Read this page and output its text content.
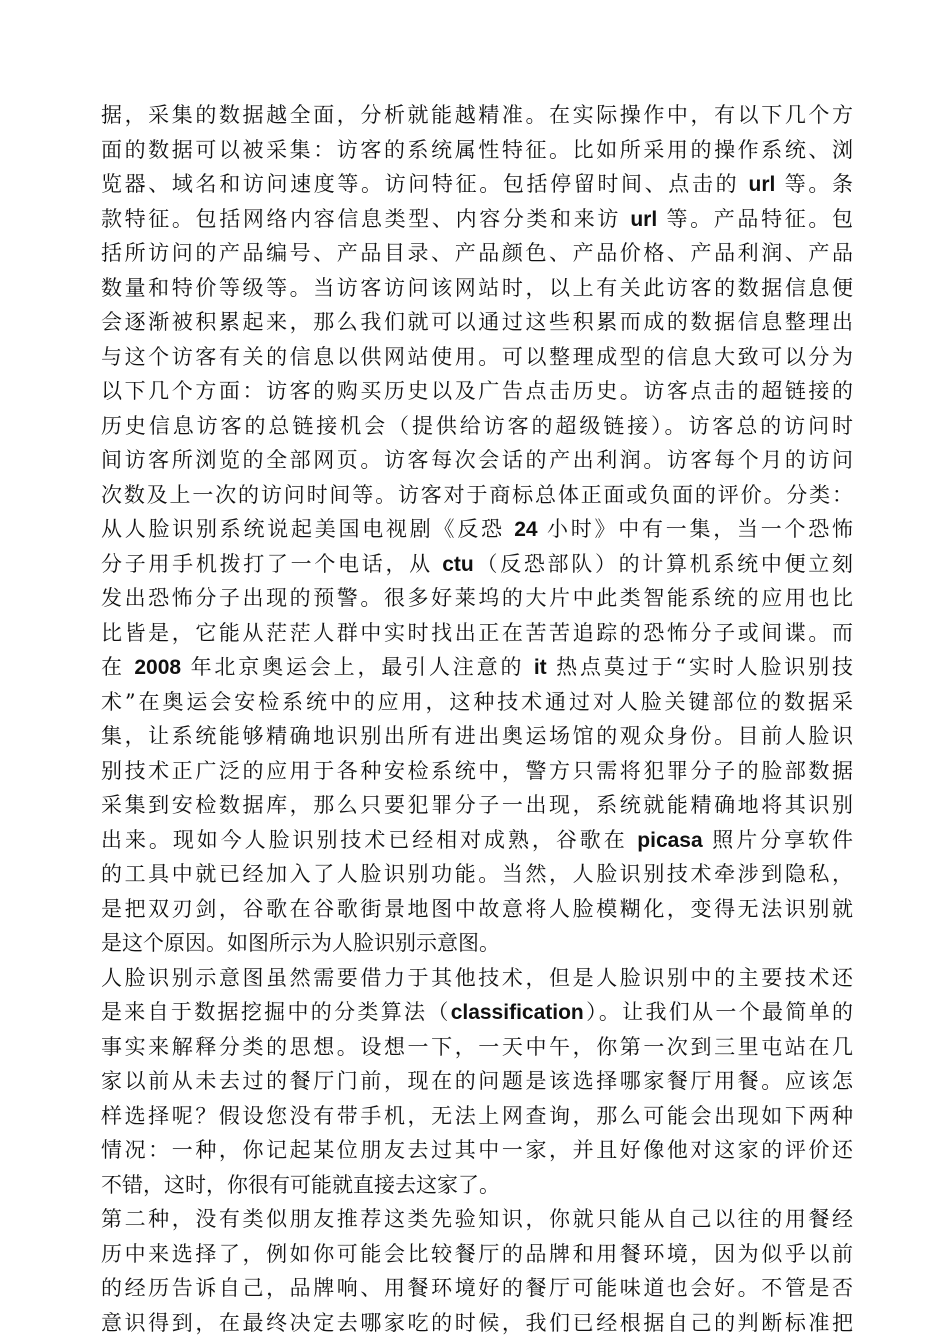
据，采集的数据越全面，分析就能越精准。在实际操作中，有以下几个方
面的数据可以被采集：访客的系统属性特征。比如所采用的操作系统、浏
览器、域名和访问速度等。访问特征。包括停留时间、点击的 url 等。条
款特征。包括网络内容信息类型、内容分类和来访 url 等。产品特征。包
括所访问的产品编号、产品目录、产品颜色、产品价格、产品利润、产品
数量和特价等级等。当访客访问该网站时，以上有关此访客的数据信息便
会逐渐被积累起来，那么我们就可以通过这些积累而成的数据信息整理出
与这个访客有关的信息以供网站使用。可以整理成型的信息大致可以分为
以下几个方面：访客的购买历史以及广告点击历史。访客点击的超链接的
历史信息访客的总链接机会（提供给访客的超级链接）。访客总的访问时
间访客所浏览的全部网页。访客每次会话的产出利润。访客每个月的访问
次数及上一次的访问时间等。访客对于商标总体正面或负面的评价。分类：
从人脸识别系统说起美国电视剧《反恐 24 小时》中有一集，当一个恐怖
分子用手机拨打了一个电话，从 ctu（反恐部队）的计算机系统中便立刻
发出恐怖分子出现的预警。很多好莱坞的大片中此类智能系统的应用也比
比皆是，它能从茫茫人群中实时找出正在苦苦追踪的恐怖分子或间谍。而
在 2008 年北京奥运会上，最引人注意的 it 热点莫过于“实时人脸识别技
术”在奥运会安检系统中的应用，这种技术通过对人脸关键部位的数据采
集，让系统能够精确地识别出所有进出奥运场馆的观众身份。目前人脸识
别技术正广泛的应用于各种安检系统中，警方只需将犯罪分子的脸部数据
采集到安检数据库，那么只要犯罪分子一出现，系统就能精确地将其识别
出来。现如今人脸识别技术已经相对成熟，谷歌在 picasa 照片分享软件
的工具中就已经加入了人脸识别功能。当然，人脸识别技术牵涉到隐私，
是把双刃剑，谷歌在谷歌街景地图中故意将人脸模糊化，变得无法识别就
是这个原因。如图所示为人脸识别示意图。
人脸识别示意图虽然需要借力于其他技术，但是人脸识别中的主要技术还
是来自于数据挖掘中的分类算法（classification）。让我们从一个最简单的
事实来解释分类的思想。设想一下，一天中午，你第一次到三里屯站在几
家以前从未去过的餐厅门前，现在的问题是该选择哪家餐厅用餐。应该怎
样选择呢？假设您没有带手机，无法上网查询，那么可能会出现如下两种
情况：一种，你记起某位朋友去过其中一家，并且好像他对这家的评价还
不错，这时，你很有可能就直接去这家了。
第二种，没有类似朋友推荐这类先验知识，你就只能从自己以往的用餐经
历中来选择了，例如你可能会比较餐厅的品牌和用餐环境，因为似乎以前
的经历告诉自己，品牌响、用餐环境好的餐厅可能味道也会好。不管是否
意识得到，在最终决定去哪家吃的时候，我们已经根据自己的判断标准把
